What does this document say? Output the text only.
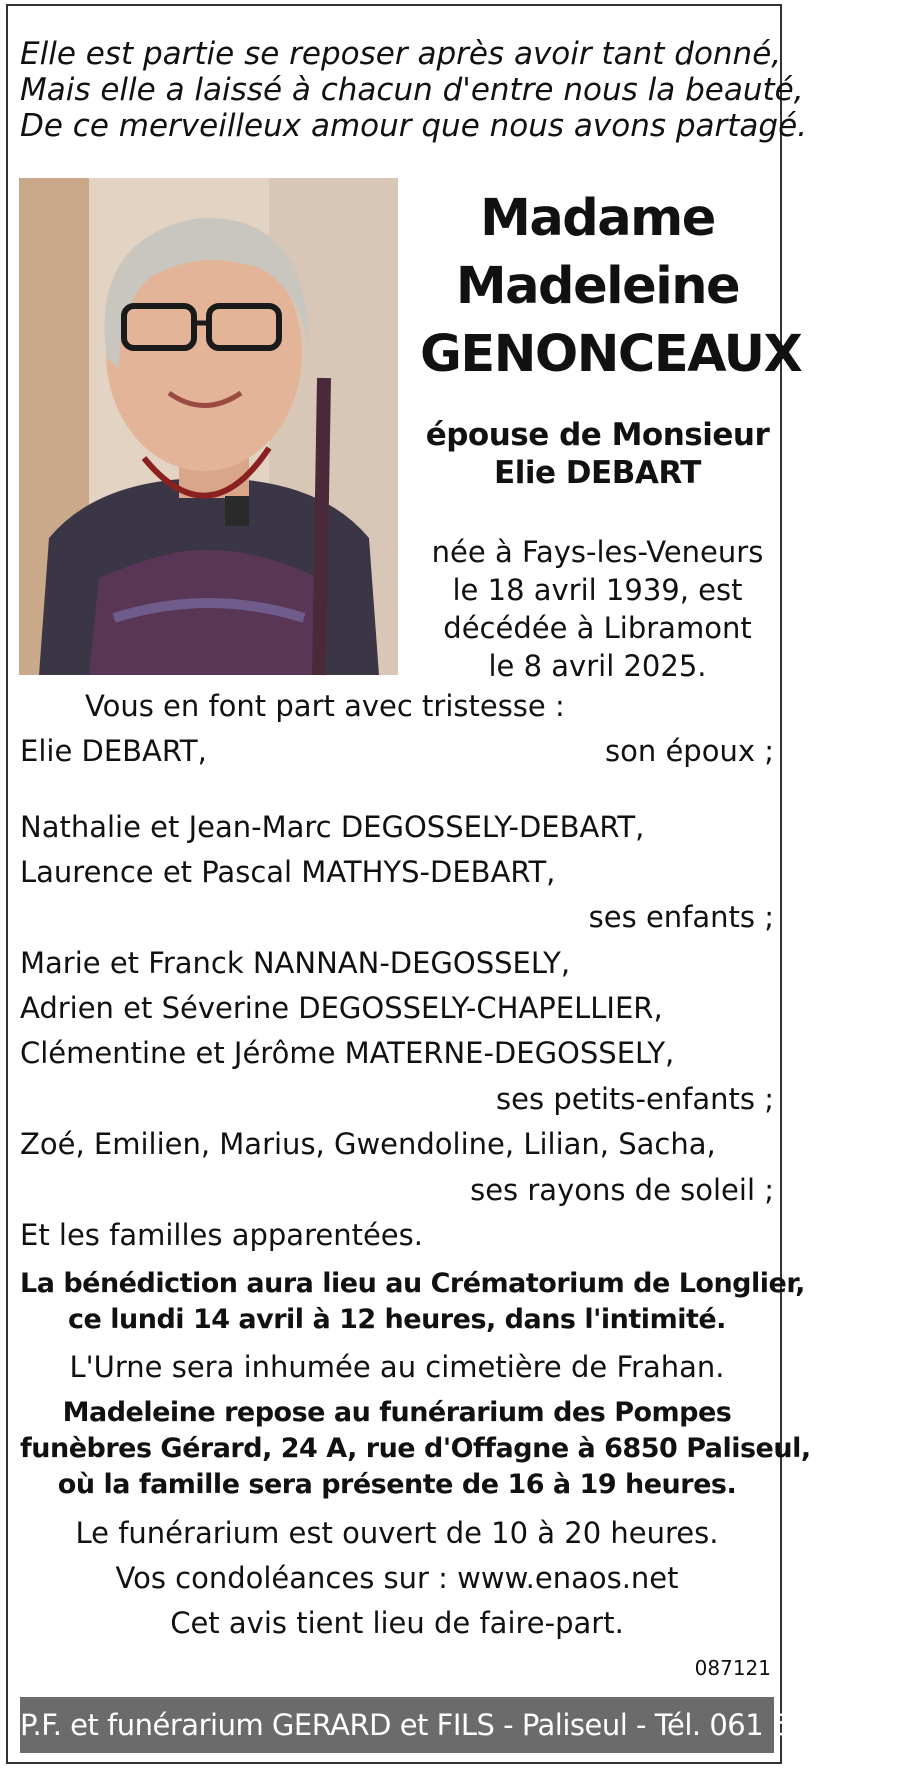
Elle est partie se reposer après avoir tant donné,
Mais elle a laissé à chacun d'entre nous la beauté,
De ce merveilleux amour que nous avons partagé.
Madame
Madeleine
GENONCEAUX
épouse de Monsieur
Elie DEBART
née à Fays-les-Veneurs
le 18 avril 1939, est
décédée à Libramont
le 8 avril 2025.
Vous en font part avec tristesse :
Elie DEBART,	son époux ;
Nathalie et Jean-Marc DEGOSSELY-DEBART,
Laurence et Pascal MATHYS-DEBART,
ses enfants ;
Marie et Franck NANNAN-DEGOSSELY,
Adrien et Séverine DEGOSSELY-CHAPELLIER,
Clémentine et Jérôme MATERNE-DEGOSSELY,
ses petits-enfants ;
Zoé, Emilien, Marius, Gwendoline, Lilian, Sacha,
ses rayons de soleil ;
Et les familles apparentées.
La bénédiction aura lieu au Crématorium de Longlier,
ce lundi 14 avril à 12 heures, dans l'intimité.
L'Urne sera inhumée au cimetière de Frahan.
Madeleine repose au funérarium des Pompes
funèbres Gérard, 24 A, rue d'Offagne à 6850 Paliseul,
où la famille sera présente de 16 à 19 heures.
Le funérarium est ouvert de 10 à 20 heures.
Vos condoléances sur : www.enaos.net
Cet avis tient lieu de faire-part.
087121
P.F. et funérarium GERARD et FILS - Paliseul - Tél. 061 53 32 84
